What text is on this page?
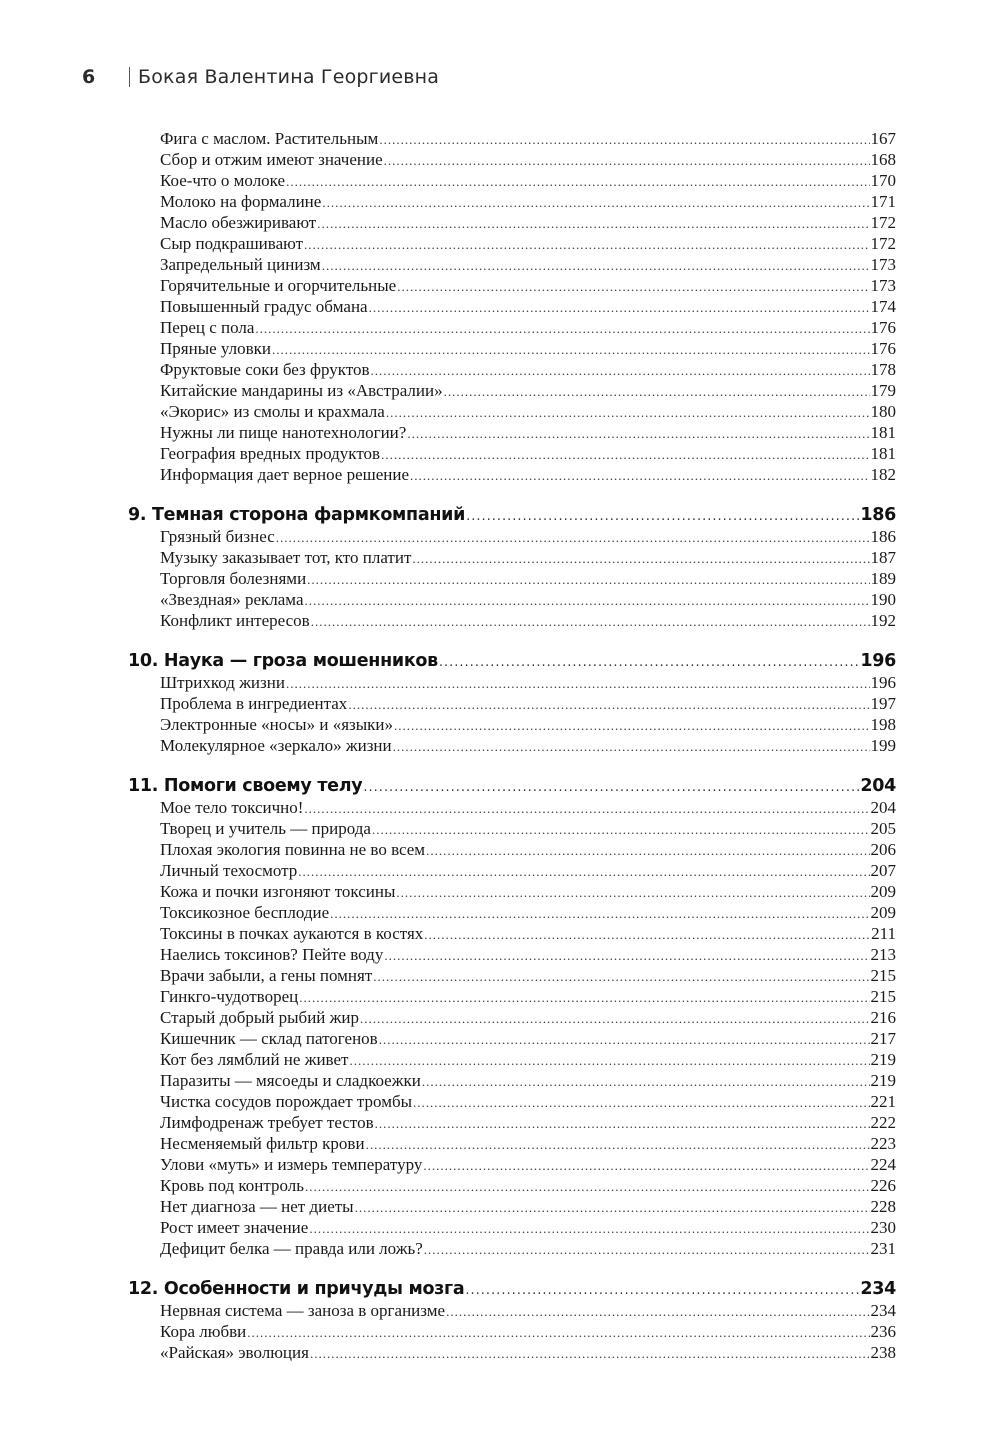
6	Бокая Валентина Георгиевна
Фига с маслом. Растительным .....	167
Сбор и отжим имеют значение .....	168
Кое-что о молоке .....	170
Молоко на формалине .....	171
Масло обезжиривают .....	172
Сыр подкрашивают .....	172
Запредельный цинизм .....	173
Горячительные и огорчительные .....	173
Повышенный градус обмана .....	174
Перец с пола .....	176
Пряные уловки .....	176
Фруктовые соки без фруктов .....	178
Китайские мандарины из «Австралии» .....	179
«Экорис» из смолы и крахмала .....	180
Нужны ли пище нанотехнологии? .....	181
География вредных продуктов .....	181
Информация дает верное решение .....	182
9. Темная сторона фармкомпаний .....	186
Грязный бизнес .....	186
Музыку заказывает тот, кто платит .....	187
Торговля болезнями .....	189
«Звездная» реклама .....	190
Конфликт интересов .....	192
10. Наука — гроза мошенников .....	196
Штрихкод жизни .....	196
Проблема в ингредиентах .....	197
Электронные «носы» и «языки» .....	198
Молекулярное «зеркало» жизни .....	199
11. Помоги своему телу .....	204
Мое тело токсично! .....	204
Творец и учитель — природа .....	205
Плохая экология повинна не во всем .....	206
Личный техосмотр .....	207
Кожа и почки изгоняют токсины .....	209
Токсикозное бесплодие .....	209
Токсины в почках аукаются в костях .....	211
Наелись токсинов? Пейте воду .....	213
Врачи забыли, а гены помнят .....	215
Гинкго-чудотворец .....	215
Старый добрый рыбий жир .....	216
Кишечник — склад патогенов .....	217
Кот без лямблий не живет .....	219
Паразиты — мясоеды и сладкоежки .....	219
Чистка сосудов порождает тромбы .....	221
Лимфодренаж требует тестов .....	222
Несменяемый фильтр крови .....	223
Улови «муть» и измерь температуру .....	224
Кровь под контроль .....	226
Нет диагноза — нет диеты .....	228
Рост имеет значение .....	230
Дефицит белка — правда или ложь? .....	231
12. Особенности и причуды мозга .....	234
Нервная система — заноза в организме .....	234
Кора любви .....	236
«Райская» эволюция .....	238
